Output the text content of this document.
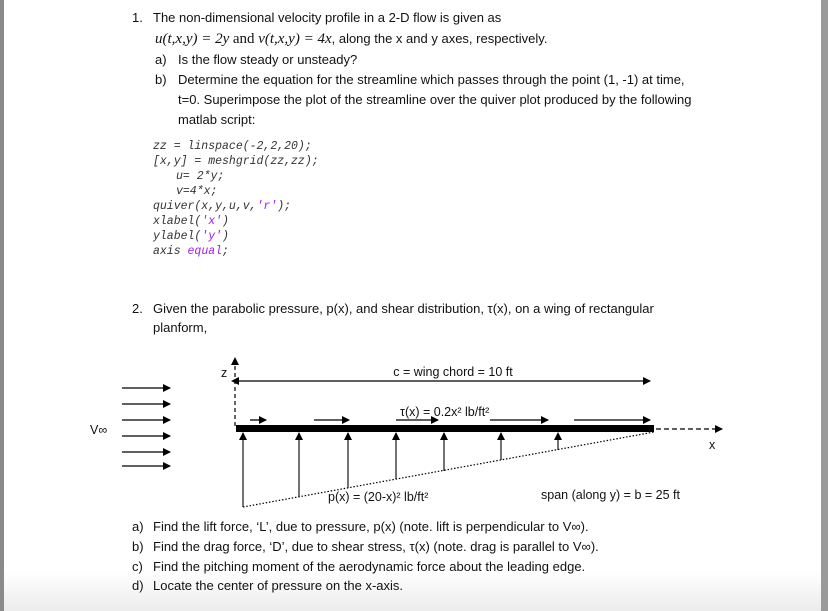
1. The non-dimensional velocity profile in a 2-D flow is given as
u(t,x,y) = 2y and v(t,x,y) = 4x, along the x and y axes, respectively.
a) Is the flow steady or unsteady?
b) Determine the equation for the streamline which passes through the point (1, -1) at time,
t=0. Superimpose the plot of the streamline over the quiver plot produced by the following
matlab script:
zz = linspace(-2,2,20);
[x,y] = meshgrid(zz,zz);
u= 2*y;
v=4*x;
quiver(x,y,u,v,'r');
xlabel('x')
ylabel('y')
axis equal;
2. Given the parabolic pressure, p(x), and shear distribution, τ(x), on a wing of rectangular
planform,
V∞
z	c = wing chord = 10 ft
τ(x) = 0.2x² lb/ft²
x
p(x) = (20-x)² lb/ft²	span (along y) = b = 25 ft
a) Find the lift force, ‘L’, due to pressure, p(x) (note. lift is perpendicular to V∞).
b) Find the drag force, ‘D’, due to shear stress, τ(x) (note. drag is parallel to V∞).
c) Find the pitching moment of the aerodynamic force about the leading edge.
d) Locate the center of pressure on the x-axis.
